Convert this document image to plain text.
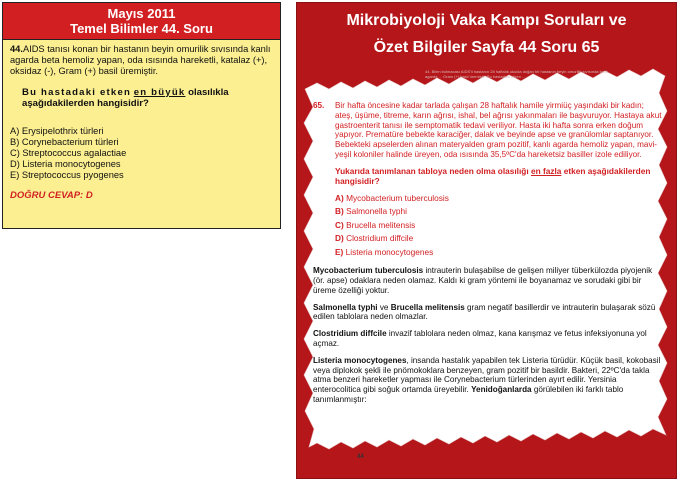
Mayıs 2011
Temel Bilimler 44. Soru

44.AIDS tanısı konan bir hastanın beyin omurilik sıvısında kanlı agarda beta hemoliz yapan, oda ısısında hareketli, katalaz (+), oksidaz (-), Gram (+) basil üremiştir.

Bu hastadaki etken en büyük olasılıkla aşağıdakilerden hangisidir?

A) Erysipelothrix türleri
B) Corynebacterium türleri
C) Streptococcus agalactiae
D) Listeria monocytogenes
E) Streptococcus pyogenes
DOĞRU CEVAP: D
Mikrobiyoloji Vaka Kampı Soruları ve
Özet Bilgiler Sayfa 44 Soru 65
44. Bilen bulmacası AIDS'li hastanın 28 haftalık okulda doğan bir hastanın beyin omurilik sıvısında kanlı agarda ... Gram (+) basil üremiştir. Bu hastadaki etken ...
65. Bir hafta öncesine kadar tarlada çalışan 28 haftalık hamile yirmiüç yaşındaki bir kadın; ateş, üşüme, titreme, karın ağrısı, ishal, bel ağrısı yakınmaları ile başvuruyor. Hastaya akut gastroenterit tanısı ile semptomatik tedavi veriliyor. Hasta iki hafta sonra erken doğum yapıyor. Prematüre bebekte karaciğer, dalak ve beyinde apse ve granülomlar saptanıyor. Bebekteki apselerden alınan materyalden gram pozitif, kanlı agarda hemoliz yapan, mavi-yeşil koloniler halinde üreyen, oda ısısında 35,5ºC'da hareketsiz basiller izole ediliyor.
Yukarıda tanımlanan tabloya neden olma olasılığı en fazla etken aşağıdakilerden hangisidir?
A) Mycobacterium tuberculosis
B) Salmonella typhi
C) Brucella melitensis
D) Clostridium diffcile
E) Listeria monocytogenes

Mycobacterium tuberculosis intrauterin bulaşabilse de gelişen miliyer tüberkülozda piyojenik (ör. apse) odaklara neden olamaz. Kaldı ki gram yöntemi ile boyanamaz ve sorudaki gibi bir üreme özelliği yoktur.

Salmonella typhi ve Brucella melitensis gram negatif basillerdir ve intrauterin bulaşarak sözü edilen tablolara neden olmazlar.

Clostridium diffcile invazif tablolara neden olmaz, kana karışmaz ve fetus infeksiyonuna yol açmaz.

Listeria monocytogenes, insanda hastalık yapabilen tek Listeria türüdür. Küçük basil, kokobasil veya diplokok şekli ile pnömokoklara benzeyen, gram pozitif bir basildir. Bakteri, 22ºC'da takla atma benzeri hareketler yapması ile Corynebacterium türlerinden ayırt edilir. Yersinia enterocolitica gibi soğuk ortamda üreyebilir. Yenidoğanlarda görülebilen iki farklı tablo tanımlanmıştır:

44
